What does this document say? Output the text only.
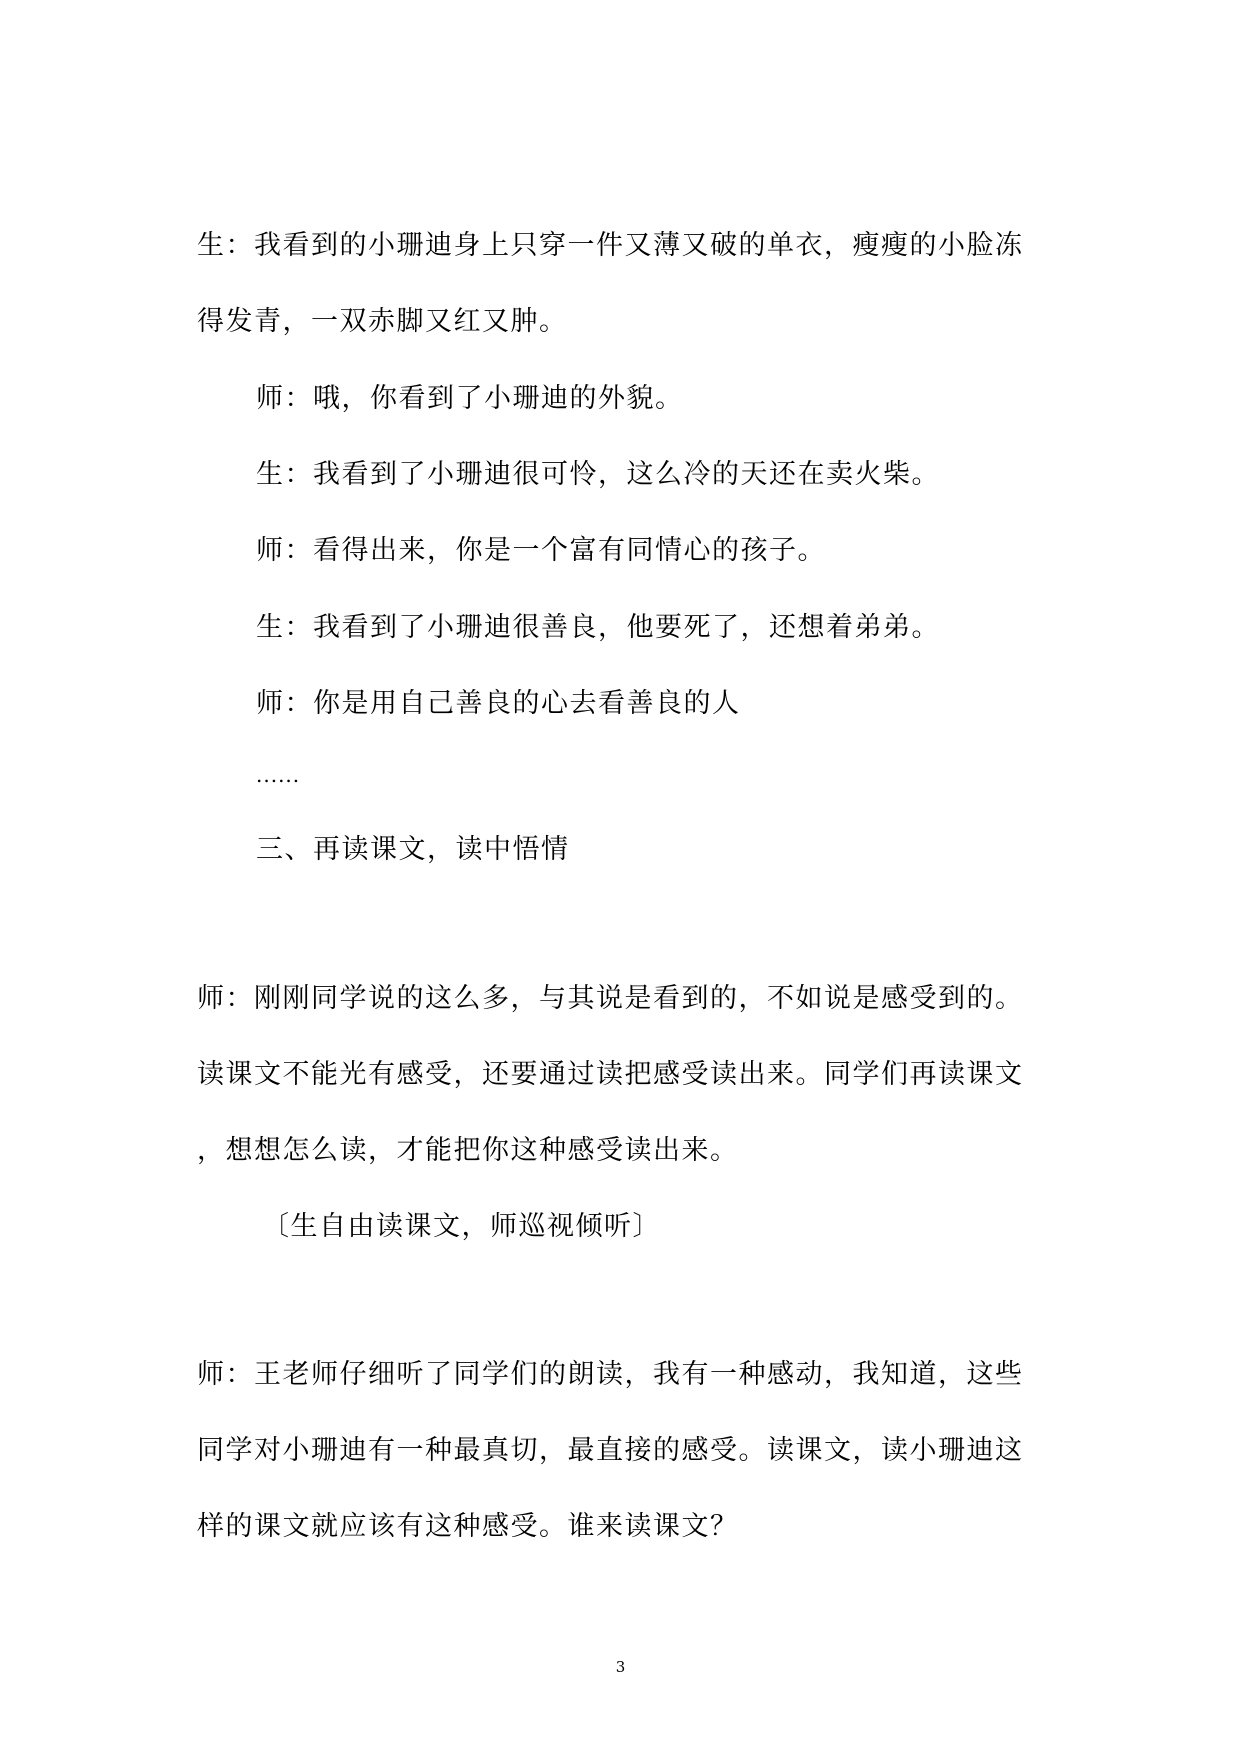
生：我看到的小珊迪身上只穿一件又薄又破的单衣，瘦瘦的小脸冻
得发青，一双赤脚又红又肿。
师：哦，你看到了小珊迪的外貌。
生：我看到了小珊迪很可怜，这么冷的天还在卖火柴。
师：看得出来，你是一个富有同情心的孩子。
生：我看到了小珊迪很善良，他要死了，还想着弟弟。
师：你是用自己善良的心去看善良的人
......
三、再读课文，读中悟情
师：刚刚同学说的这么多，与其说是看到的，不如说是感受到的。
读课文不能光有感受，还要通过读把感受读出来。同学们再读课文
，想想怎么读，才能把你这种感受读出来。
〔生自由读课文，师巡视倾听〕
师：王老师仔细听了同学们的朗读，我有一种感动，我知道，这些
同学对小珊迪有一种最真切，最直接的感受。读课文，读小珊迪这
样的课文就应该有这种感受。谁来读课文？
3
